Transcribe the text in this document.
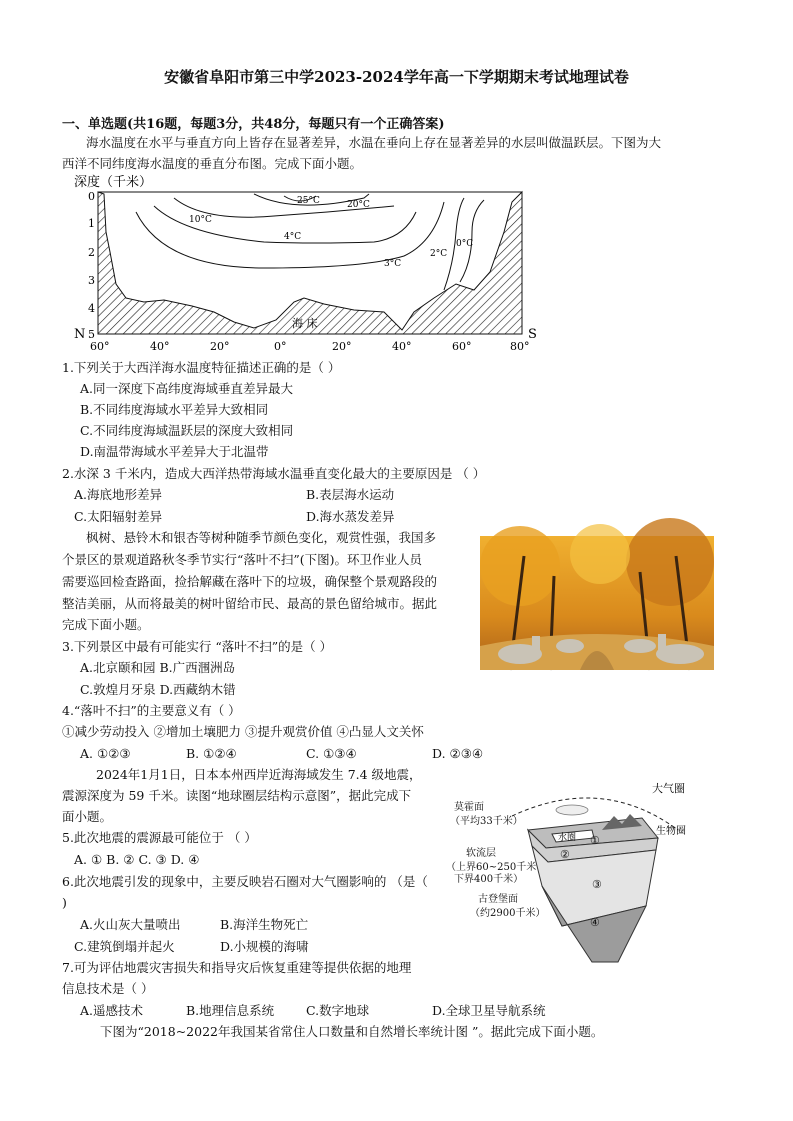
安徽省阜阳市第三中学2023-2024学年高一下学期期末考试地理试卷
一、单选题(共16题，每题3分，共48分，每题只有一个正确答案)
海水温度在水平与垂直方向上皆存在显著差异，水温在垂向上存在显著差异的水层叫做温跃层。下图为大
西洋不同纬度海水温度的垂直分布图。完成下面小题。
深度（千米）
25°C	20°C
10°C
4°C
3°C
2°C
0°C
海 床
0
1
2
3
4
5
N	S
60°	40°	20°	0°	20°	40°	60°	80°
1.下列关于大西洋海水温度特征描述正确的是（ ）
A.同一深度下高纬度海域垂直差异最大
B.不同纬度海域水平差异大致相同
C.不同纬度海域温跃层的深度大致相同
D.南温带海域水平差异大于北温带
2.水深 3 千米内，造成大西洋热带海域水温垂直变化最大的主要原因是 （ ）
A.海底地形差异	B.表层海水运动
C.太阳辐射差异	D.海水蒸发差异
枫树、悬铃木和银杏等树种随季节颜色变化，观赏性强，我国多
个景区的景观道路秋冬季节实行“落叶不扫”(下图)。环卫作业人员
需要巡回检查路面，捡拾解藏在落叶下的垃圾，确保整个景观路段的
整洁美丽，从而将最美的树叶留给市民、最高的景色留给城市。据此
完成下面小题。
3.下列景区中最有可能实行 “落叶不扫”的是（ ）
A.北京颐和园 B.广西涠洲岛
C.敦煌月牙泉 D.西藏纳木错
4.“落叶不扫”的主要意义有（ ）
①减少劳动投入 ②增加土壤肥力 ③提升观赏价值 ④凸显人文关怀
A. ①②③	B. ①②④	C. ①③④	D. ②③④
2024年1月1日，日本本州西岸近海海域发生 7.4 级地震，
震源深度为 59 千米。读图“地球圈层结构示意图”，据此完成下
面小题。
大气圈
生物圈
水圈 ①
②
③
④
莫霍面
（平均33千米）
软流层
（上界60~250千米
下界400千米）
古登堡面
（约2900千米）
5.此次地震的震源最可能位于 （ ）
A. ① B. ② C. ③ D. ④
6.此次地震引发的现象中，主要反映岩石圈对大气圈影响的 （是（
)
A.火山灰大量喷出	B.海洋生物死亡
C.建筑倒塌并起火	D.小规模的海啸
7.可为评估地震灾害损失和指导灾后恢复重建等提供依据的地理
信息技术是（ ）
A.遥感技术	B.地理信息系统	C.数字地球	D.全球卫星导航系统
下图为“2018~2022年我国某省常住人口数量和自然增长率统计图 ”。据此完成下面小题。
